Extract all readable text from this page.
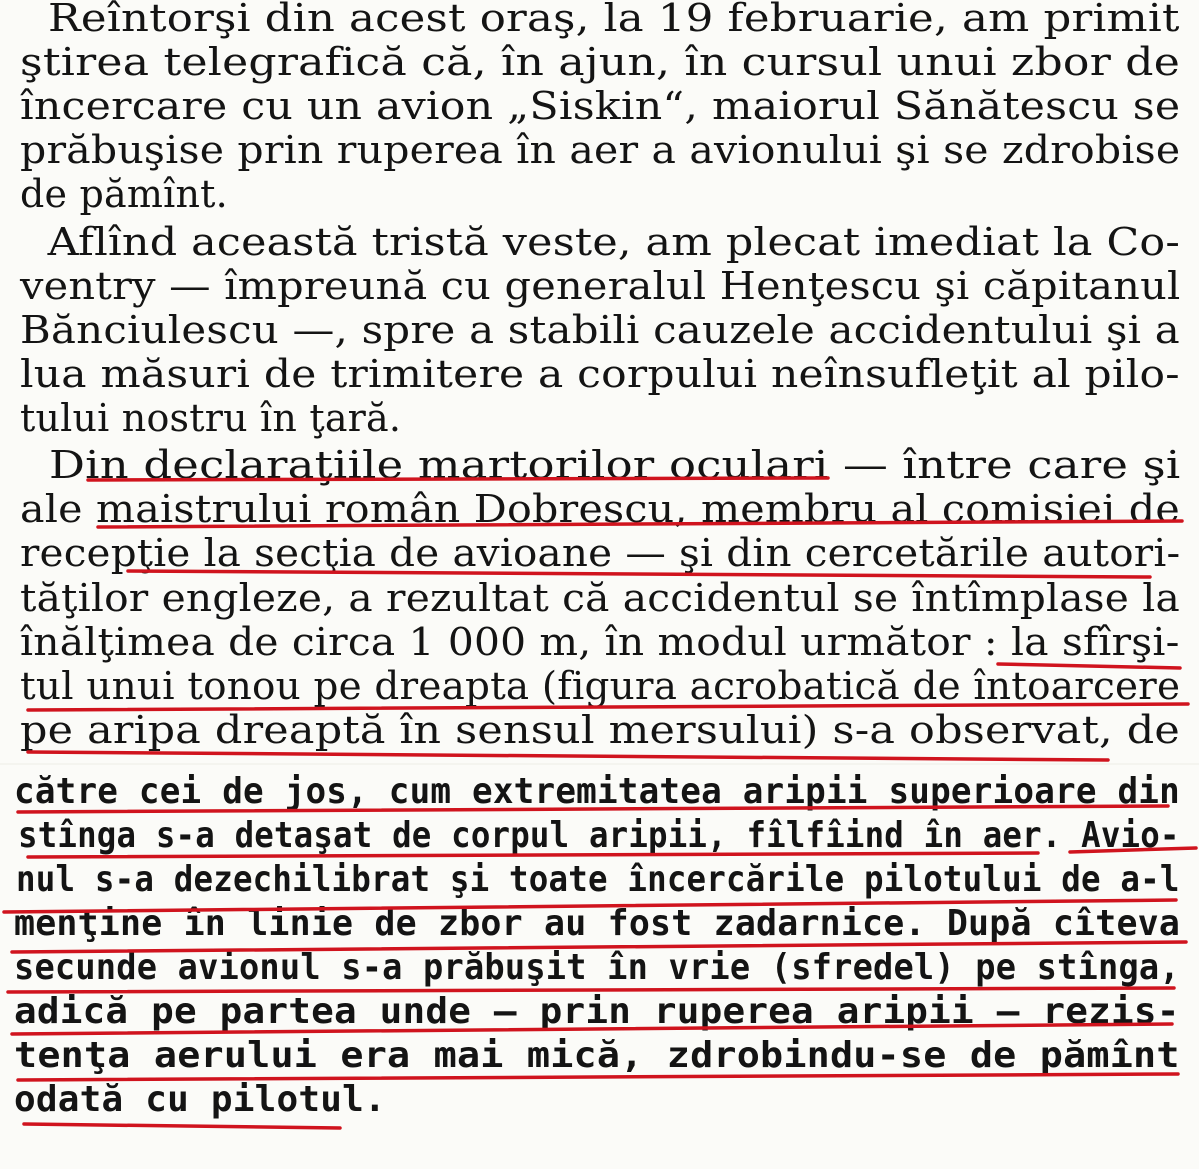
Reîntorşi din acest oraş, la 19 februarie, am primit

ştirea telegrafică că, în ajun, în cursul unui zbor de

încercare cu un avion „Siskin“, maiorul Sănătescu se

prăbuşise prin ruperea în aer a avionului şi se zdrobise

de pămînt.

Aflînd această tristă veste, am plecat imediat la Co-

ventry — împreună cu generalul Henţescu şi căpitanul

Bănciulescu —, spre a stabili cauzele accidentului şi a

lua măsuri de trimitere a corpului neînsufleţit al pilo-

tului nostru în ţară.

Din declaraţiile martorilor oculari — între care şi

ale maistrului român Dobrescu, membru al comisiei de

recepţie la secţia de avioane — şi din cercetările autori-

tăţilor engleze, a rezultat că accidentul se întîmplase la

înălţimea de circa 1 000 m, în modul următor : la sfîrşi-

tul unui tonou pe dreapta (figura acrobatică de întoarcere

pe aripa dreaptă în sensul mersului) s-a observat, de

către cei de jos, cum extremitatea aripii superioare din

stînga s-a detaşat de corpul aripii, fîlfîind în aer. Avio-

nul s-a dezechilibrat şi toate încercările pilotului de a-l

menţine în linie de zbor au fost zadarnice. După cîteva

secunde avionul s-a prăbuşit în vrie (sfredel) pe stînga,

adică pe partea unde — prin ruperea aripii — rezis-

tenţa aerului era mai mică, zdrobindu-se de pămînt

odată cu pilotul.
